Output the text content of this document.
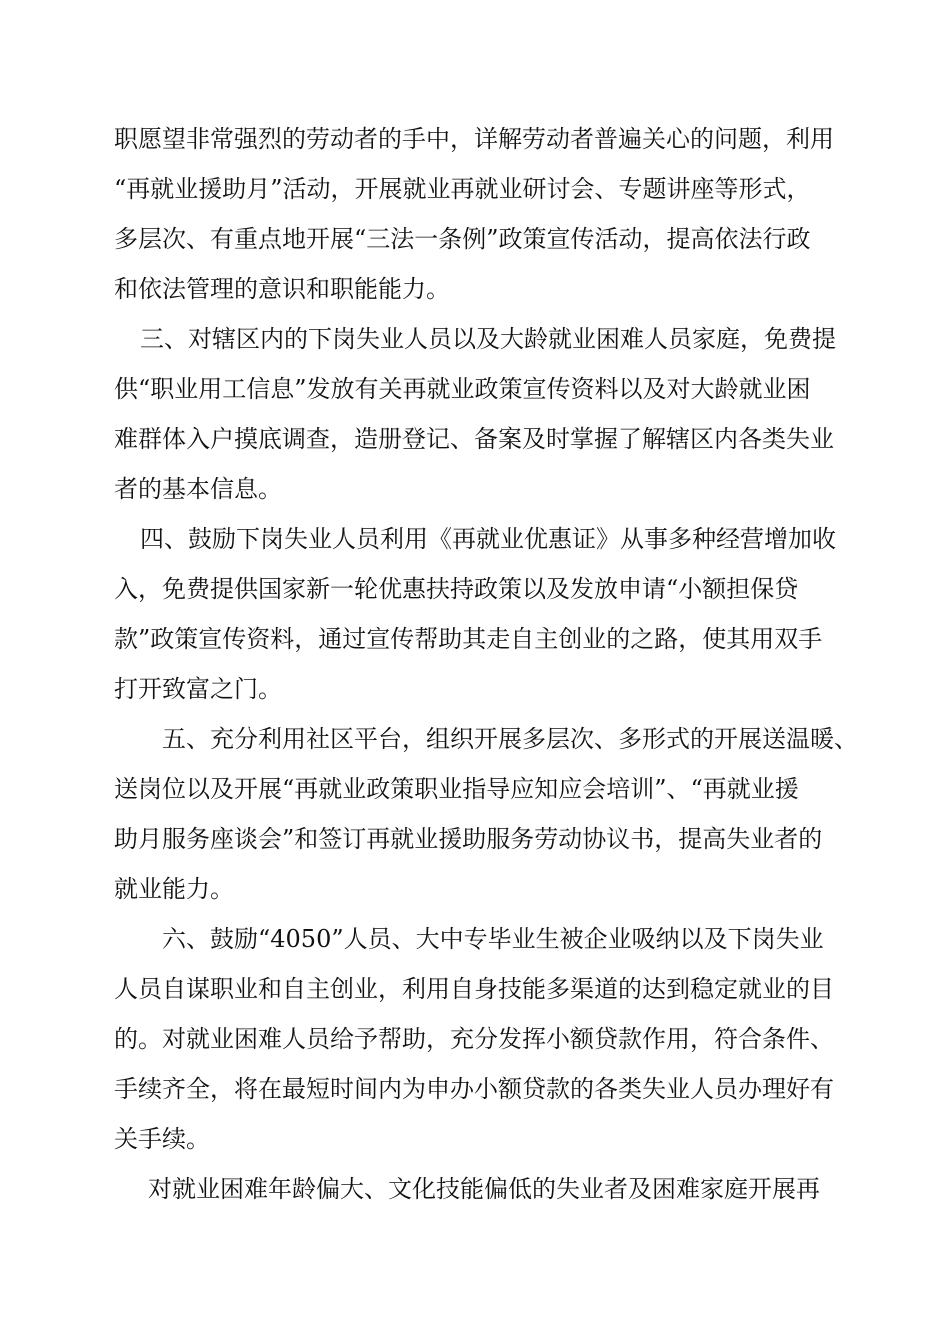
职愿望非常强烈的劳动者的手中，详解劳动者普遍关心的问题，利用
“再就业援助月”活动，开展就业再就业研讨会、专题讲座等形式，
多层次、有重点地开展“三法一条例”政策宣传活动，提高依法行政
和依法管理的意识和职能能力。
三、对辖区内的下岗失业人员以及大龄就业困难人员家庭，免费提
供“职业用工信息”发放有关再就业政策宣传资料以及对大龄就业困
难群体入户摸底调查，造册登记、备案及时掌握了解辖区内各类失业
者的基本信息。
四、鼓励下岗失业人员利用《再就业优惠证》从事多种经营增加收
入，免费提供国家新一轮优惠扶持政策以及发放申请“小额担保贷
款”政策宣传资料，通过宣传帮助其走自主创业的之路，使其用双手
打开致富之门。
五、充分利用社区平台，组织开展多层次、多形式的开展送温暖、
送岗位以及开展“再就业政策职业指导应知应会培训”、“再就业援
助月服务座谈会”和签订再就业援助服务劳动协议书，提高失业者的
就业能力。
六、鼓励“4050”人员、大中专毕业生被企业吸纳以及下岗失业
人员自谋职业和自主创业，利用自身技能多渠道的达到稳定就业的目
的。对就业困难人员给予帮助，充分发挥小额贷款作用，符合条件、
手续齐全，将在最短时间内为申办小额贷款的各类失业人员办理好有
关手续。
对就业困难年龄偏大、文化技能偏低的失业者及困难家庭开展再
